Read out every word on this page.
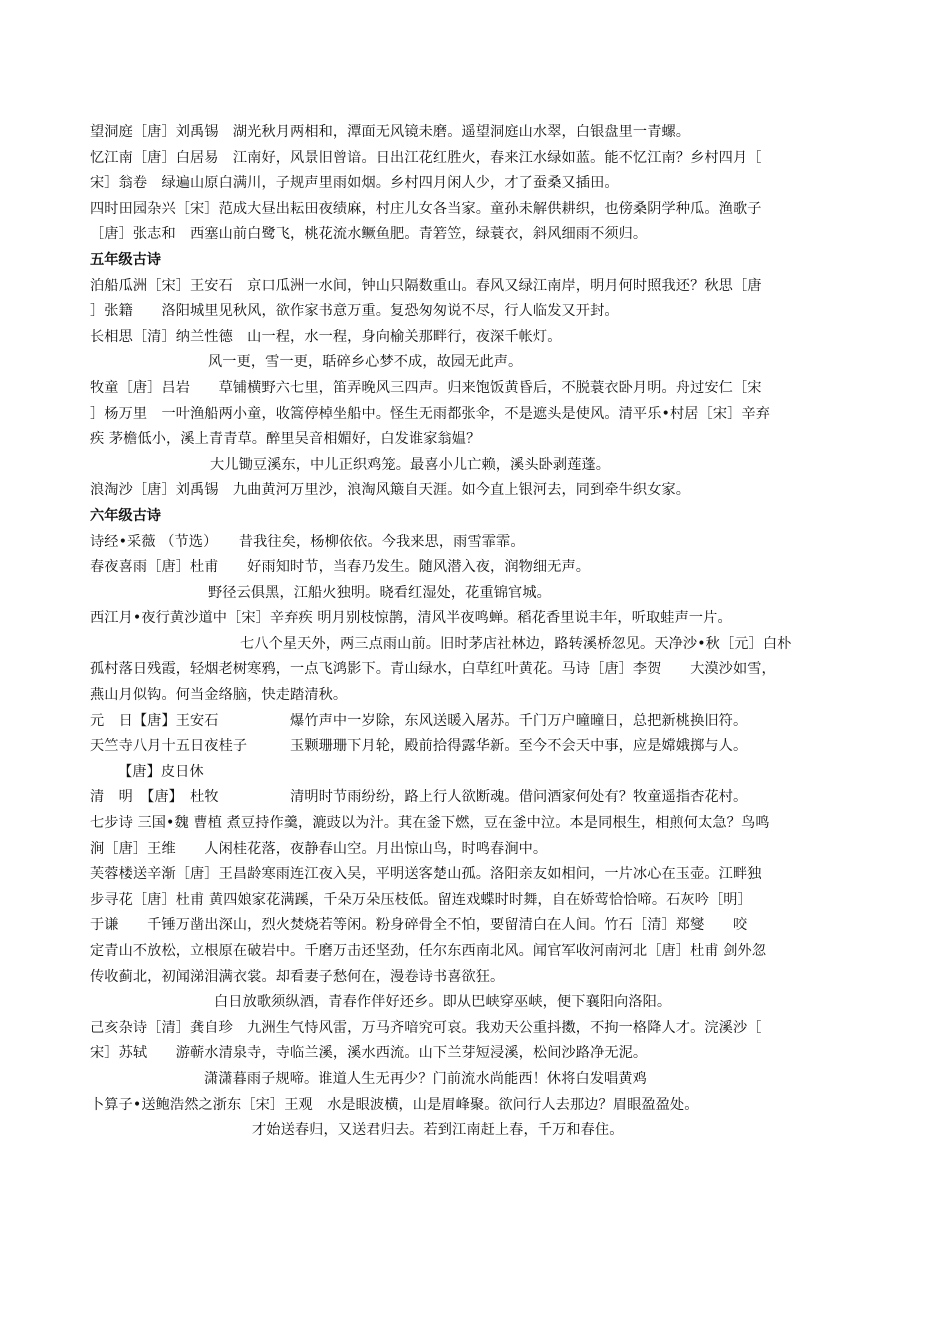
望洞庭［唐］刘禹锡　湖光秋月两相和，潭面无风镜未磨。遥望洞庭山水翠，白银盘里一青螺。
忆江南［唐］白居易　江南好，风景旧曾谙。日出江花红胜火，春来江水绿如蓝。能不忆江南？乡村四月［
宋］翁卷　绿遍山原白满川，子规声里雨如烟。乡村四月闲人少，才了蚕桑又插田。
四时田园杂兴［宋］范成大昼出耘田夜绩麻，村庄儿女各当家。童孙未解供耕织，也傍桑阴学种瓜。渔歌子
［唐］张志和　西塞山前白鹭飞，桃花流水鳜鱼肥。青箬笠，绿蓑衣，斜风细雨不须归。
五年级古诗
泊船瓜洲［宋］王安石　京口瓜洲一水间，钟山只隔数重山。春风又绿江南岸，明月何时照我还？秋思［唐
］张籍　　洛阳城里见秋风，欲作家书意万重。复恐匆匆说不尽，行人临发又开封。
长相思［清］纳兰性德　山一程，水一程，身向榆关那畔行，夜深千帐灯。
风一更，雪一更，聒碎乡心梦不成，故园无此声。
牧童［唐］吕岩　　草铺横野六七里，笛弄晚风三四声。归来饱饭黄昏后，不脱蓑衣卧月明。舟过安仁［宋
］杨万里　一叶渔船两小童，收篙停棹坐船中。怪生无雨都张伞，不是遮头是使风。清平乐•村居［宋］辛弃
疾 茅檐低小，溪上青青草。醉里吴音相媚好，白发谁家翁媪？
大儿锄豆溪东，中儿正织鸡笼。最喜小儿亡赖，溪头卧剥莲蓬。
浪淘沙［唐］刘禹锡　九曲黄河万里沙，浪淘风簸自天涯。如今直上银河去，同到牵牛织女家。
六年级古诗
诗经•采薇 （节选）　　昔我往矣，杨柳依依。今我来思，雨雪霏霏。
春夜喜雨［唐］杜甫　　好雨知时节，当春乃发生。随风潜入夜，润物细无声。
野径云俱黑，江船火独明。晓看红湿处，花重锦官城。
西江月•夜行黄沙道中［宋］辛弃疾 明月别枝惊鹊，清风半夜鸣蝉。稻花香里说丰年，听取蛙声一片。
七八个星天外，两三点雨山前。旧时茅店社林边，路转溪桥忽见。天净沙•秋［元］白朴
孤村落日残霞，轻烟老树寒鸦，一点飞鸿影下。青山绿水，白草红叶黄花。马诗［唐］李贺　　大漠沙如雪，
燕山月似钩。何当金络脑，快走踏清秋。
元　日【唐】王安石　　　　　爆竹声中一岁除，东风送暖入屠苏。千门万户曈曈日，总把新桃换旧符。
天竺寺八月十五日夜桂子　　　玉颗珊珊下月轮，殿前拾得露华新。至今不会天中事，应是嫦娥掷与人。
【唐】皮日休
清　明　【唐】　杜牧　　　　　清明时节雨纷纷，路上行人欲断魂。借问酒家何处有？牧童遥指杏花村。
七步诗 三国•魏 曹植 煮豆持作羹，漉豉以为汁。萁在釜下燃，豆在釜中泣。本是同根生，相煎何太急？鸟鸣
涧［唐］王维　　人闲桂花落，夜静春山空。月出惊山鸟，时鸣春涧中。
芙蓉楼送辛渐［唐］王昌龄寒雨连江夜入吴，平明送客楚山孤。洛阳亲友如相问，一片冰心在玉壶。江畔独
步寻花［唐］杜甫 黄四娘家花满蹊，千朵万朵压枝低。留连戏蝶时时舞，自在娇莺恰恰啼。石灰吟［明］
于谦　　千锤万凿出深山，烈火焚烧若等闲。粉身碎骨全不怕，要留清白在人间。竹石［清］郑燮　　咬
定青山不放松，立根原在破岩中。千磨万击还坚劲，任尔东西南北风。闻官军收河南河北［唐］杜甫 剑外忽
传收蓟北，初闻涕泪满衣裳。却看妻子愁何在，漫卷诗书喜欲狂。
白日放歌须纵酒，青春作伴好还乡。即从巴峡穿巫峡，便下襄阳向洛阳。
己亥杂诗［清］龚自珍　九洲生气恃风雷，万马齐喑究可哀。我劝天公重抖擞，不拘一格降人才。浣溪沙［
宋］苏轼　　游蕲水清泉寺，寺临兰溪，溪水西流。山下兰芽短浸溪，松间沙路净无泥。
潇潇暮雨子规啼。谁道人生无再少？门前流水尚能西！休将白发唱黄鸡
卜算子•送鲍浩然之浙东［宋］王观　水是眼波横，山是眉峰聚。欲问行人去那边？眉眼盈盈处。
才始送春归，又送君归去。若到江南赶上春，千万和春住。
